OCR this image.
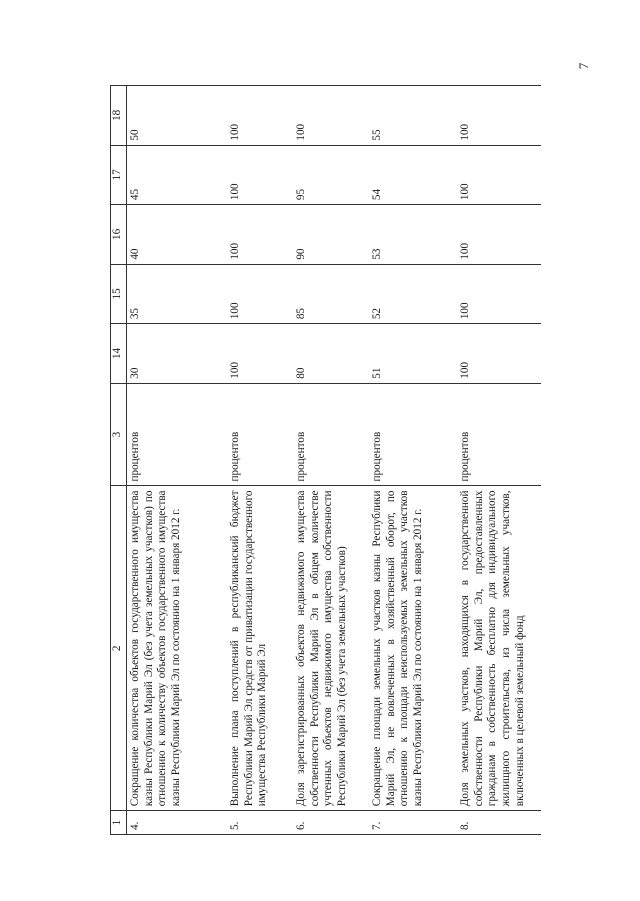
7
1	2	3	14	15	16	17	18
4.	Сокращение количества объектов государственного имущества казны Республики Марий Эл (без учета земельных участков) по отношению к количеству объектов государственного имущества казны Республики Марий Эл по состоянию на 1 января 2012 г.	процентов	30	35	40	45	50
5.	Выполнение плана поступлений в республиканский бюджет Республики Марий Эл средств от приватизации государственного имущества Республики Марий Эл	процентов	100	100	100	100	100
6.	Доля зарегистрированных объектов недвижимого имущества собственности Республики Марий Эл в общем количестве учтенных объектов недвижимого имущества собственности Республики Марий Эл (без учета земельных участков)	процентов	80	85	90	95	100
7.	Сокращение площади земельных участков казны Республики Марий Эл, не вовлеченных в хозяйственный оборот, по отношению к площади неиспользуемых земельных участков казны Республики Марий Эл по состоянию на 1 января 2012 г.	процентов	51	52	53	54	55
8.	Доля земельных участков, находящихся в государственной собственности Республики Марий Эл, предоставленных гражданам в собственность бесплатно для индивидуального жилищного строительства, из числа земельных участков, включенных в целевой земельный фонд	процентов	100	100	100	100	100
